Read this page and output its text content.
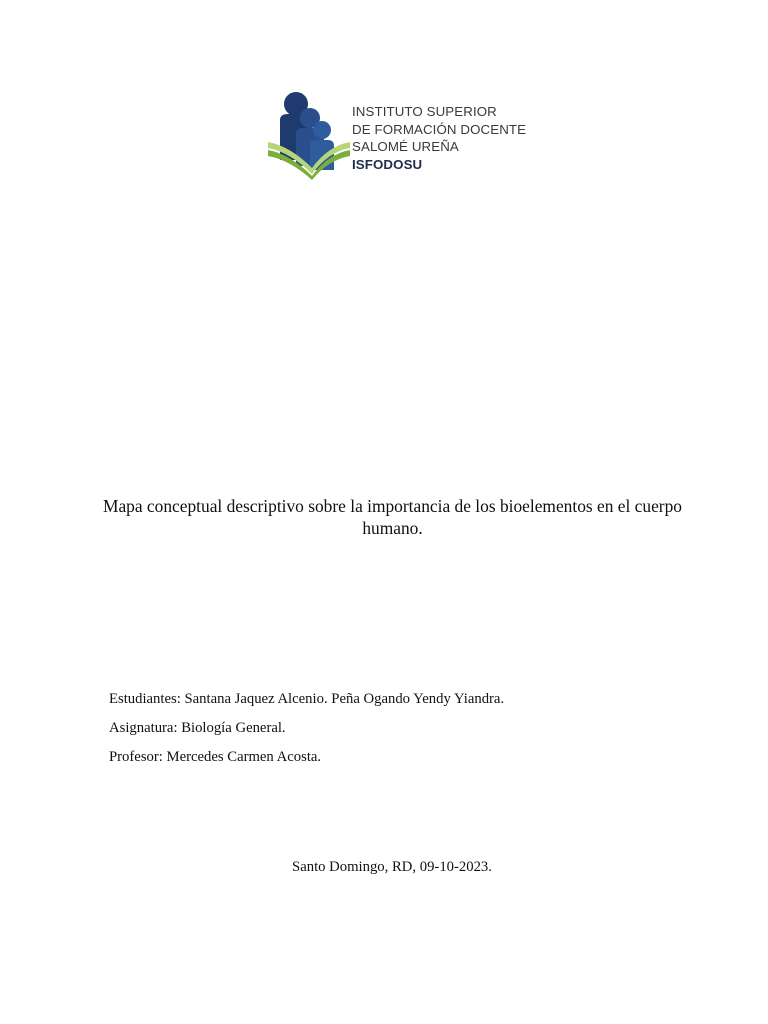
INSTITUTO SUPERIOR
DE FORMACIÓN DOCENTE
SALOMÉ UREÑA
ISFODOSU
Mapa conceptual descriptivo sobre la importancia de los bioelementos en el cuerpo humano.
Estudiantes: Santana Jaquez Alcenio. Peña Ogando Yendy Yiandra.
Asignatura: Biología General.
Profesor: Mercedes Carmen Acosta.
Santo Domingo, RD, 09-10-2023.
